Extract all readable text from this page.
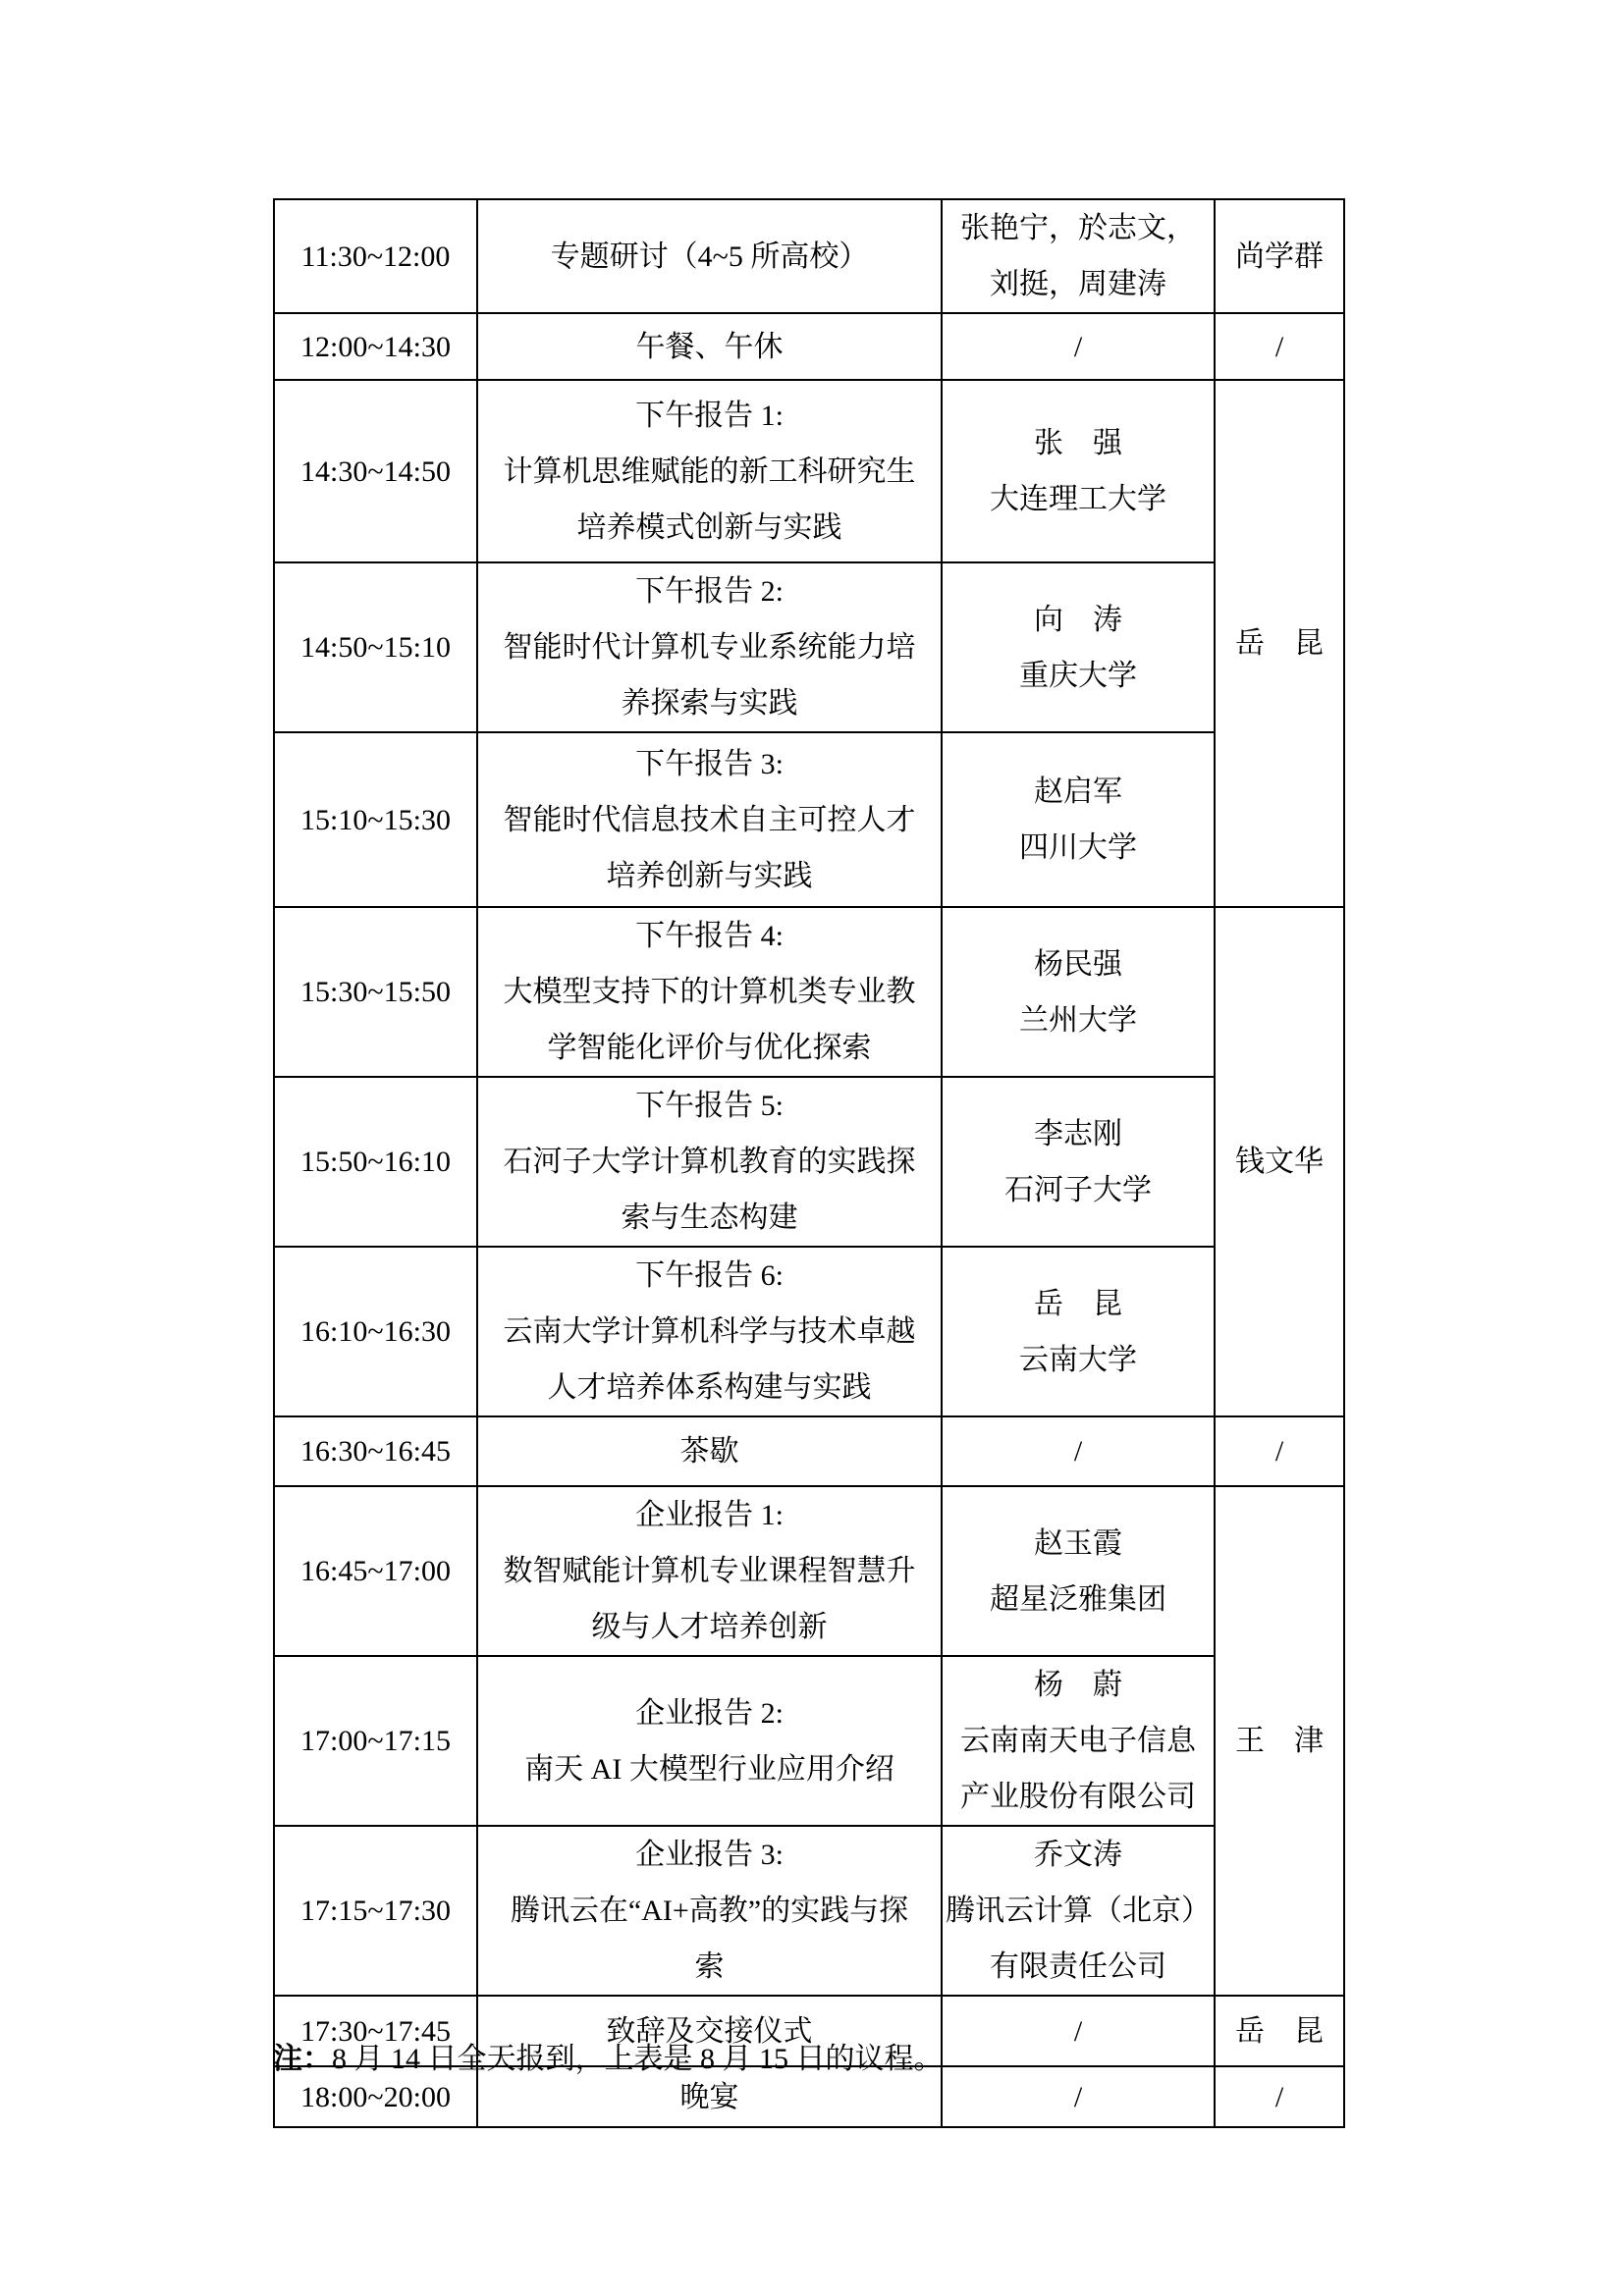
11:30~12:00	专题研讨（4~5 所高校）	张艳宁，於志文，
刘挺，周建涛	尚学群
12:00~14:30	午餐、午休	/	/
14:30~14:50	下午报告 1:
计算机思维赋能的新工科研究生
培养模式创新与实践	张　强
大连理工大学	岳　昆
14:50~15:10	下午报告 2:
智能时代计算机专业系统能力培
养探索与实践	向　涛
重庆大学	
15:10~15:30	下午报告 3:
智能时代信息技术自主可控人才
培养创新与实践	赵启军
四川大学	
15:30~15:50	下午报告 4:
大模型支持下的计算机类专业教
学智能化评价与优化探索	杨民强
兰州大学	钱文华
15:50~16:10	下午报告 5:
石河子大学计算机教育的实践探
索与生态构建	李志刚
石河子大学	
16:10~16:30	下午报告 6:
云南大学计算机科学与技术卓越
人才培养体系构建与实践	岳　昆
云南大学	
16:30~16:45	茶歇	/	/
16:45~17:00	企业报告 1:
数智赋能计算机专业课程智慧升
级与人才培养创新	赵玉霞
超星泛雅集团	王　津
17:00~17:15	企业报告 2:
南天 AI 大模型行业应用介绍	杨　蔚
云南南天电子信息
产业股份有限公司	
17:15~17:30	企业报告 3:
腾讯云在“AI+高教”的实践与探
索	乔文涛
腾讯云计算（北京）
有限责任公司	
17:30~17:45	致辞及交接仪式	/	岳　昆
18:00~20:00	晚宴	/	/
注：8 月 14 日全天报到，上表是 8 月 15 日的议程。
